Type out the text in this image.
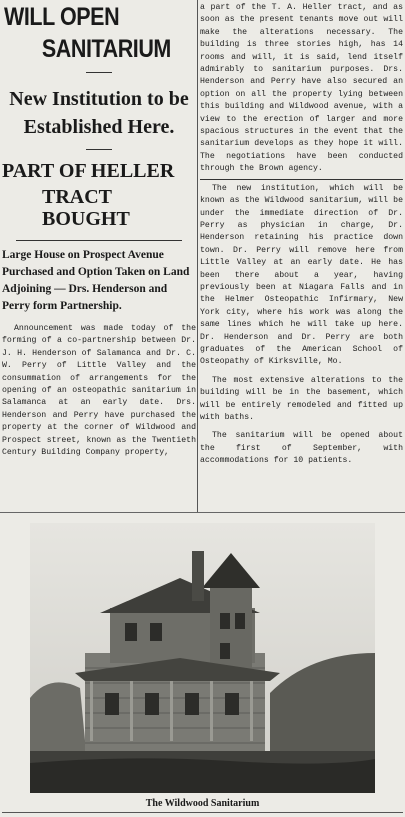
WILL OPEN

SANITARIUM

New Institution to be

Established Here.

PART OF HELLER

TRACT BOUGHT

Large House on Prospect Avenue Purchased and Option Taken on Land Adjoining — Drs. Henderson and Perry form Partnership.

Announcement was made today of the forming of a co-partnership between Dr. J. H. Henderson of Salamanca and Dr. C. W. Perry of Little Valley and the consummation of arrangements for the opening of an osteopathic sanitarium in Salamanca at an early date. Drs. Henderson and Perry have purchased the property at the corner of Wildwood and Prospect street, known as the Twentieth Century Building Company property,

a part of the T. A. Heller tract, and as soon as the present tenants move out will make the alterations necessary. The building is three stories high, has 14 rooms and will, it is said, lend itself admirably to sanitarium purposes. Drs. Henderson and Perry have also secured an option on all the property lying between this building and Wildwood avenue, with a view to the erection of larger and more spacious structures in the event that the sanitarium develops as they hope it will. The negotiations have been conducted through the Brown agency.

The new institution, which will be known as the Wildwood sanitarium, will be under the immediate direction of Dr. Perry as physician in charge, Dr. Henderson retaining his practice down town. Dr. Perry will remove here from Little Valley at an early date. He has been there about a year, having previously been at Niagara Falls and in the Helmer Osteopathic Infirmary, New York city, where his work was along the same lines which he will take up here. Dr. Henderson and Dr. Perry are both graduates of the American School of Osteopathy of Kirksville, Mo.

The most extensive alterations to the building will be in the basement, which will be entirely remodeled and fitted up with baths.

The sanitarium will be opened about the first of September, with accommodations for 10 patients.

The Wildwood Sanitarium
